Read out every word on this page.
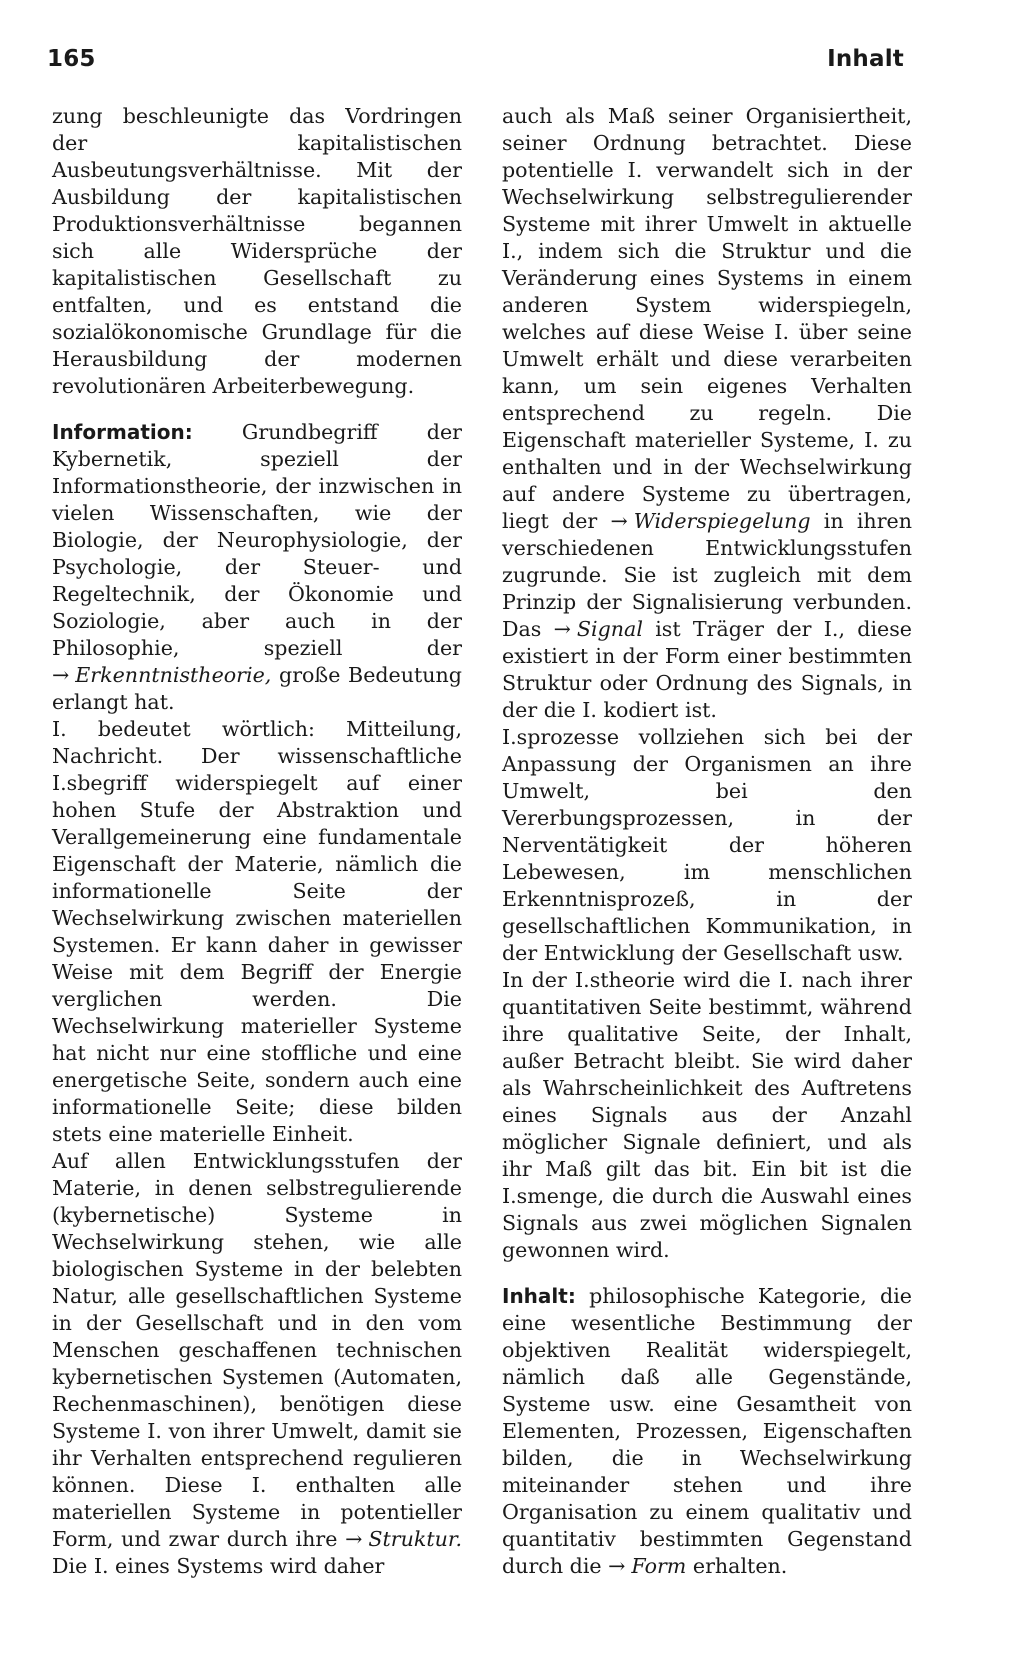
165	Inhalt

zung beschleunigte das Vordringen der kapitalistischen Ausbeutungsverhältnisse. Mit der Ausbildung der kapitalistischen Produktionsverhältnisse begannen sich alle Widersprüche der kapitalistischen Gesellschaft zu entfalten, und es entstand die sozialökonomische Grundlage für die Herausbildung der modernen revolutionären Arbeiterbewegung.

Information: Grundbegriff der Kybernetik, speziell der Informationstheorie, der inzwischen in vielen Wissenschaften, wie der Biologie, der Neurophysiologie, der Psychologie, der Steuer- und Regeltechnik, der Ökonomie und Soziologie, aber auch in der Philosophie, speziell der → Erkenntnistheorie, große Bedeutung erlangt hat.

I. bedeutet wörtlich: Mitteilung, Nachricht. Der wissenschaftliche I.sbegriff widerspiegelt auf einer hohen Stufe der Abstraktion und Verallgemeinerung eine fundamentale Eigenschaft der Materie, nämlich die informationelle Seite der Wechselwirkung zwischen materiellen Systemen. Er kann daher in gewisser Weise mit dem Begriff der Energie verglichen werden. Die Wechselwirkung materieller Systeme hat nicht nur eine stoffliche und eine energetische Seite, sondern auch eine informationelle Seite; diese bilden stets eine materielle Einheit.

Auf allen Entwicklungsstufen der Materie, in denen selbstregulierende (kybernetische) Systeme in Wechselwirkung stehen, wie alle biologischen Systeme in der belebten Natur, alle gesellschaftlichen Systeme in der Gesellschaft und in den vom Menschen geschaffenen technischen kybernetischen Systemen (Automaten, Rechenmaschinen), benötigen diese Systeme I. von ihrer Umwelt, damit sie ihr Verhalten entsprechend regulieren können. Diese I. enthalten alle materiellen Systeme in potentieller Form, und zwar durch ihre → Struktur. Die I. eines Systems wird daher

auch als Maß seiner Organisiertheit, seiner Ordnung betrachtet. Diese potentielle I. verwandelt sich in der Wechselwirkung selbstregulierender Systeme mit ihrer Umwelt in aktuelle I., indem sich die Struktur und die Veränderung eines Systems in einem anderen System widerspiegeln, welches auf diese Weise I. über seine Umwelt erhält und diese verarbeiten kann, um sein eigenes Verhalten entsprechend zu regeln. Die Eigenschaft materieller Systeme, I. zu enthalten und in der Wechselwirkung auf andere Systeme zu übertragen, liegt der → Widerspiegelung in ihren verschiedenen Entwicklungsstufen zugrunde. Sie ist zugleich mit dem Prinzip der Signalisierung verbunden. Das → Signal ist Träger der I., diese existiert in der Form einer bestimmten Struktur oder Ordnung des Signals, in der die I. kodiert ist.

I.sprozesse vollziehen sich bei der Anpassung der Organismen an ihre Umwelt, bei den Vererbungsprozessen, in der Nerventätigkeit der höheren Lebewesen, im menschlichen Erkenntnisprozeß, in der gesellschaftlichen Kommunikation, in der Entwicklung der Gesellschaft usw.

In der I.stheorie wird die I. nach ihrer quantitativen Seite bestimmt, während ihre qualitative Seite, der Inhalt, außer Betracht bleibt. Sie wird daher als Wahrscheinlichkeit des Auftretens eines Signals aus der Anzahl möglicher Signale definiert, und als ihr Maß gilt das bit. Ein bit ist die I.smenge, die durch die Auswahl eines Signals aus zwei möglichen Signalen gewonnen wird.

Inhalt: philosophische Kategorie, die eine wesentliche Bestimmung der objektiven Realität widerspiegelt, nämlich daß alle Gegenstände, Systeme usw. eine Gesamtheit von Elementen, Prozessen, Eigenschaften bilden, die in Wechselwirkung miteinander stehen und ihre Organisation zu einem qualitativ und quantitativ bestimmten Gegenstand durch die → Form erhalten.
